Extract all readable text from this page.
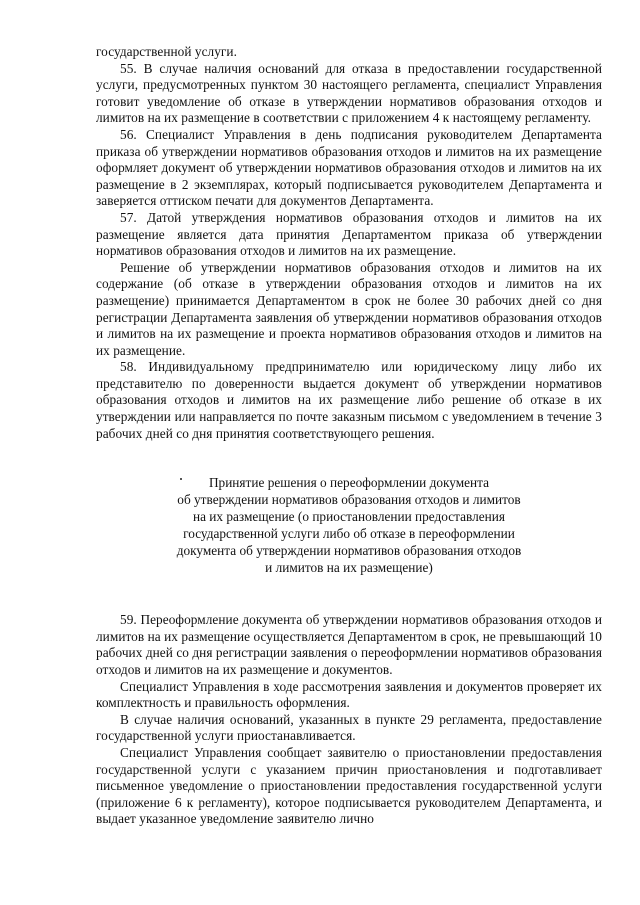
государственной услуги.

55. В случае наличия оснований для отказа в предоставлении государственной услуги, предусмотренных пунктом 30 настоящего регламента, специалист Управления готовит уведомление об отказе в утверждении нормативов образования отходов и лимитов на их размещение в соответствии с приложением 4 к настоящему регламенту.

56. Специалист Управления в день подписания руководителем Департамента приказа об утверждении нормативов образования отходов и лимитов на их размещение оформляет документ об утверждении нормативов образования отходов и лимитов на их размещение в 2 экземплярах, который подписывается руководителем Департамента и заверяется оттиском печати для документов Департамента.

57. Датой утверждения нормативов образования отходов и лимитов на их размещение является дата принятия Департаментом приказа об утверждении нормативов образования отходов и лимитов на их размещение.

Решение об утверждении нормативов образования отходов и лимитов на их содержание (об отказе в утверждении образования отходов и лимитов на их размещение) принимается Департаментом в срок не более 30 рабочих дней со дня регистрации Департамента заявления об утверждении нормативов образования отходов и лимитов на их размещение и проекта нормативов образования отходов и лимитов на их размещение.

58. Индивидуальному предпринимателю или юридическому лицу либо их представителю по доверенности выдается документ об утверждении нормативов образования отходов и лимитов на их размещение либо решение об отказе в их утверждении или направляется по почте заказным письмом с уведомлением в течение 3 рабочих дней со дня принятия соответствующего решения.

Принятие решения о переоформлении документа
об утверждении нормативов образования отходов и лимитов
на их размещение (о приостановлении предоставления
государственной услуги либо об отказе в переоформлении
документа об утверждении нормативов образования отходов
и лимитов на их размещение)

59. Переоформление документа об утверждении нормативов образования отходов и лимитов на их размещение осуществляется Департаментом в срок, не превышающий 10 рабочих дней со дня регистрации заявления о переоформлении нормативов образования отходов и лимитов на их размещение и документов.

Специалист Управления в ходе рассмотрения заявления и документов проверяет их комплектность и правильность оформления.

В случае наличия оснований, указанных в пункте 29 регламента, предоставление государственной услуги приостанавливается.

Специалист Управления сообщает заявителю о приостановлении предоставления государственной услуги с указанием причин приостановления и подготавливает письменное уведомление о приостановлении предоставления государственной услуги (приложение 6 к регламенту), которое подписывается руководителем Департамента, и выдает указанное уведомление заявителю лично
